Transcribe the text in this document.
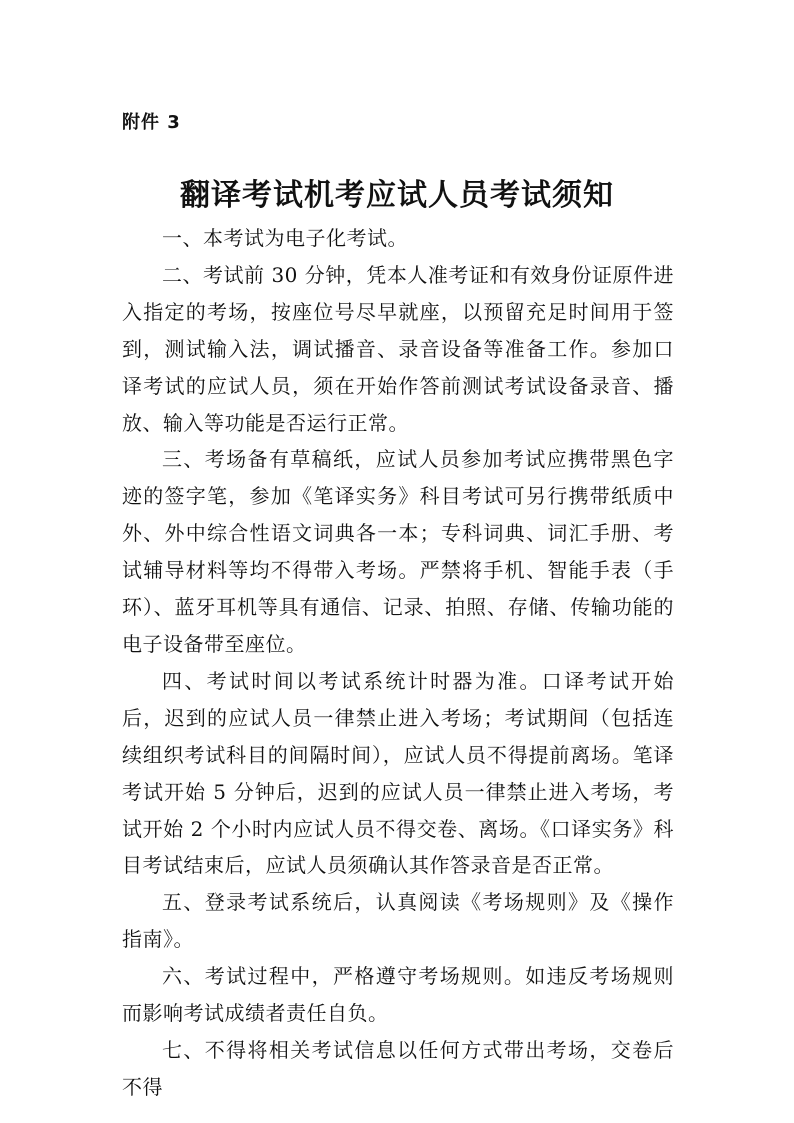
附件 3
翻译考试机考应试人员考试须知

一、本考试为电子化考试。

二、考试前 30 分钟，凭本人准考证和有效身份证原件进入指定的考场，按座位号尽早就座，以预留充足时间用于签到，测试输入法，调试播音、录音设备等准备工作。参加口译考试的应试人员，须在开始作答前测试考试设备录音、播放、输入等功能是否运行正常。

三、考场备有草稿纸，应试人员参加考试应携带黑色字迹的签字笔，参加《笔译实务》科目考试可另行携带纸质中外、外中综合性语文词典各一本；专科词典、词汇手册、考试辅导材料等均不得带入考场。严禁将手机、智能手表（手环）、蓝牙耳机等具有通信、记录、拍照、存储、传输功能的电子设备带至座位。

四、考试时间以考试系统计时器为准。口译考试开始后，迟到的应试人员一律禁止进入考场；考试期间（包括连续组织考试科目的间隔时间），应试人员不得提前离场。笔译考试开始 5 分钟后，迟到的应试人员一律禁止进入考场，考试开始 2 个小时内应试人员不得交卷、离场。《口译实务》科目考试结束后，应试人员须确认其作答录音是否正常。

五、登录考试系统后，认真阅读《考场规则》及《操作指南》。

六、考试过程中，严格遵守考场规则。如违反考场规则而影响考试成绩者责任自负。

七、不得将相关考试信息以任何方式带出考场，交卷后不得
